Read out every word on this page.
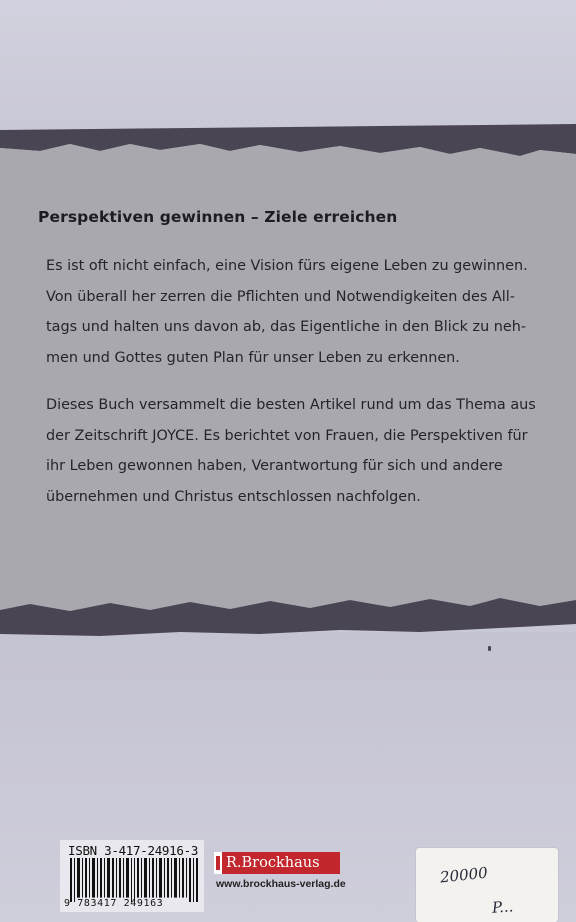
Perspektiven gewinnen – Ziele erreichen
Es ist oft nicht einfach, eine Vision fürs eigene Leben zu gewinnen.
Von überall her zerren die Pflichten und Notwendigkeiten des All-
tags und halten uns davon ab, das Eigentliche in den Blick zu neh-
men und Gottes guten Plan für unser Leben zu erkennen.
Dieses Buch versammelt die besten Artikel rund um das Thema aus
der Zeitschrift JOYCE. Es berichtet von Frauen, die Perspektiven für
ihr Leben gewonnen haben, Verantwortung für sich und andere
übernehmen und Christus entschlossen nachfolgen.
ISBN 3-417-24916-3
9 783417 249163
R.Brockhaus
www.brockhaus-verlag.de	20000
P...
